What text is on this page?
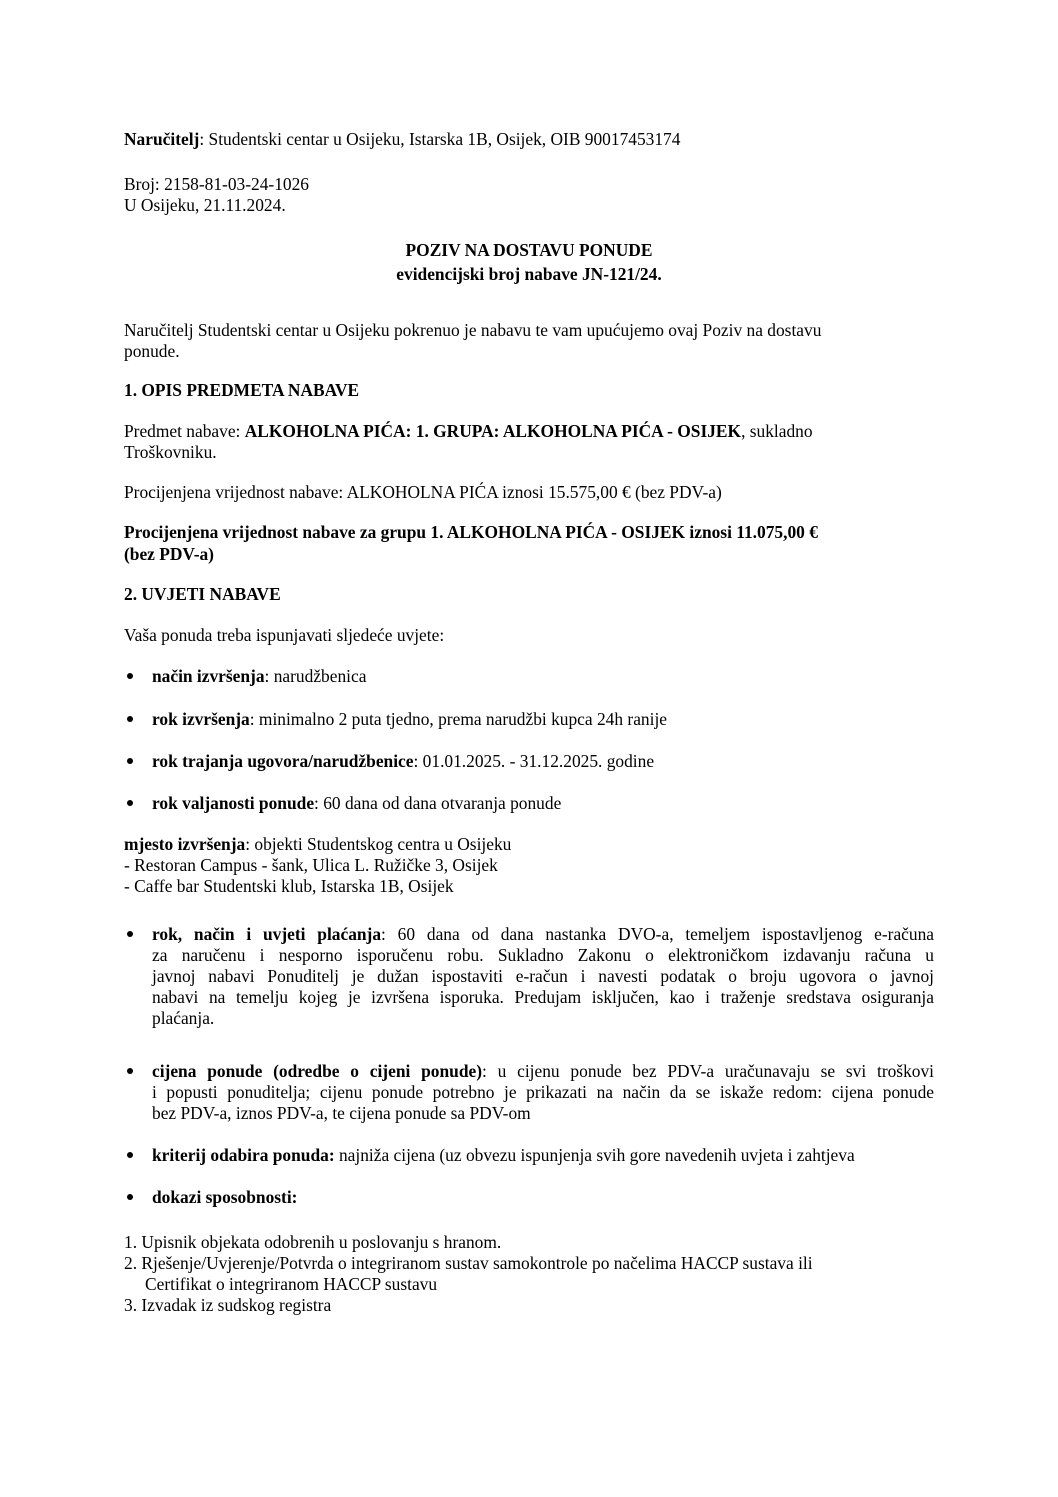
Naručitelj: Studentski centar u Osijeku, Istarska 1B, Osijek, OIB 90017453174
Broj: 2158-81-03-24-1026
U Osijeku, 21.11.2024.
POZIV NA DOSTAVU PONUDE
evidencijski broj nabave JN-121/24.
Naručitelj Studentski centar u Osijeku pokrenuo je nabavu te vam upućujemo ovaj Poziv na dostavu
ponude.
1. OPIS PREDMETA NABAVE
Predmet nabave: ALKOHOLNA PIĆA: 1. GRUPA: ALKOHOLNA PIĆA - OSIJEK, sukladno
Troškovniku.
Procijenjena vrijednost nabave: ALKOHOLNA PIĆA iznosi 15.575,00 € (bez PDV-a)
Procijenjena vrijednost nabave za grupu 1. ALKOHOLNA PIĆA - OSIJEK iznosi 11.075,00 €
(bez PDV-a)
2. UVJETI NABAVE
Vaša ponuda treba ispunjavati sljedeće uvjete:
način izvršenja: narudžbenica
rok izvršenja: minimalno 2 puta tjedno, prema narudžbi kupca 24h ranije
rok trajanja ugovora/narudžbenice: 01.01.2025. - 31.12.2025. godine
rok valjanosti ponude: 60 dana od dana otvaranja ponude
mjesto izvršenja: objekti Studentskog centra u Osijeku
- Restoran Campus - šank, Ulica L. Ružičke 3, Osijek
- Caffe bar Studentski klub, Istarska 1B, Osijek
rok, način i uvjeti plaćanja: 60 dana od dana nastanka DVO-a, temeljem ispostavljenog e-računa
za naručenu i nesporno isporučenu robu. Sukladno Zakonu o elektroničkom izdavanju računa u
javnoj nabavi Ponuditelj je dužan ispostaviti e-račun i navesti podatak o broju ugovora o javnoj
nabavi na temelju kojeg je izvršena isporuka. Predujam isključen, kao i traženje sredstava osiguranja
plaćanja.
cijena ponude (odredbe o cijeni ponude): u cijenu ponude bez PDV-a uračunavaju se svi troškovi
i popusti ponuditelja; cijenu ponude potrebno je prikazati na način da se iskaže redom: cijena ponude
bez PDV-a, iznos PDV-a, te cijena ponude sa PDV-om
kriterij odabira ponuda: najniža cijena (uz obvezu ispunjenja svih gore navedenih uvjeta i zahtjeva
dokazi sposobnosti:
1. Upisnik objekata odobrenih u poslovanju s hranom.
2. Rješenje/Uvjerenje/Potvrda o integriranom sustav samokontrole po načelima HACCP sustava ili
Certifikat o integriranom HACCP sustavu
3. Izvadak iz sudskog registra
